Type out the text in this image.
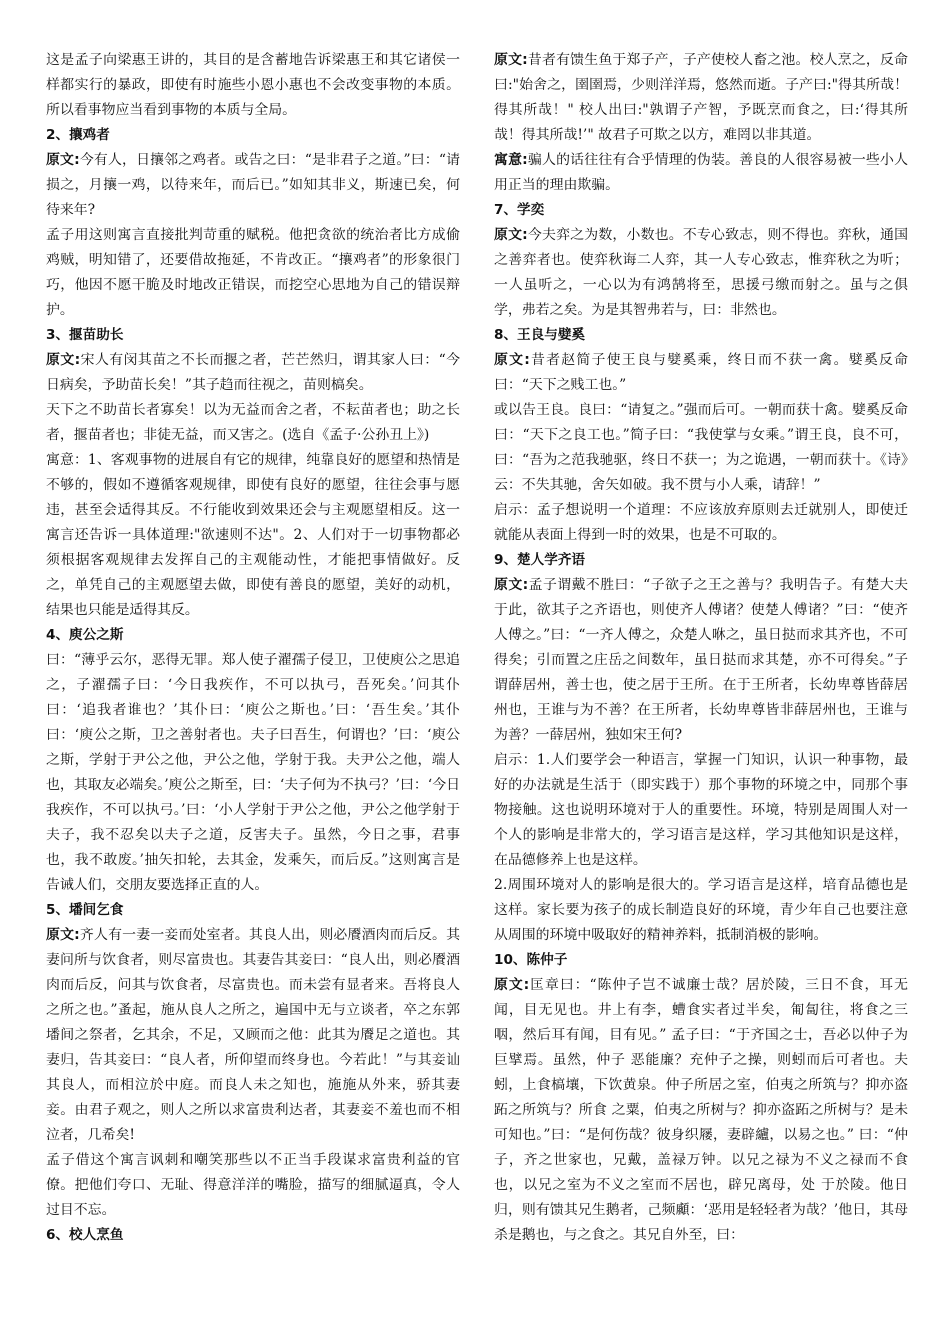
这是孟子向梁惠王讲的，其目的是含蓄地告诉梁惠王和其它诸侯一样都实行的暴政，即使有时施些小恩小惠也不会改变事物的本质。所以看事物应当看到事物的本质与全局。
2、攘鸡者
原文:今有人，日攘邻之鸡者。或告之曰：“是非君子之道。”曰：“请损之，月攘一鸡，以待来年，而后已。”如知其非义，斯速已矣，何待来年?
孟子用这则寓言直接批判苛重的赋税。他把贪欲的统治者比方成偷鸡贼，明知错了，还要借故拖延，不肯改正。“攘鸡者”的形象很门巧，他因不愿干脆及时地改正错误，而挖空心思地为自己的错误辩护。
3、揠苗助长
原文:宋人有闵其苗之不长而揠之者，芒芒然归，谓其家人曰：“今日病矣，予助苗长矣！”其子趋而往视之，苗则槁矣。
天下之不助苗长者寡矣！以为无益而舍之者，不耘苗者也；助之长者，揠苗者也；非徒无益，而又害之。(选自《孟子·公孙丑上》)
寓意：1、客观事物的进展自有它的规律，纯靠良好的愿望和热情是不够的，假如不遵循客观规律，即使有良好的愿望，往往会事与愿违，甚至会适得其反。不行能收到效果还会与主观愿望相反。这一寓言还告诉一具体道理:"欲速则不达"。2、人们对于一切事物都必须根据客观规律去发挥自己的主观能动性，才能把事情做好。反之，单凭自己的主观愿望去做，即使有善良的愿望，美好的动机，结果也只能是适得其反。
4、庾公之斯
曰：“薄乎云尔，恶得无罪。郑人使子濯孺子侵卫，卫使庾公之思追之，子濯孺子曰：‘今日我疾作，不可以执弓，吾死矣。’问其仆曰：‘追我者谁也？’其仆曰：‘庾公之斯也。’曰：‘吾生矣。’其仆曰：‘庾公之斯，卫之善射者也。夫子曰吾生，何谓也？’曰：‘庾公之斯，学射于尹公之他，尹公之他，学射于我。夫尹公之他，端人也，其取友必端矣。’庾公之斯至，曰：‘夫子何为不执弓？’曰：‘今日我疾作，不可以执弓。’曰：‘小人学射于尹公之他，尹公之他学射于夫子，我不忍矣以夫子之道，反害夫子。虽然，今日之事，君事也，我不敢废。’抽矢扣轮，去其金，发乘矢，而后反。”这则寓言是告诫人们，交朋友要选择正直的人。
5、墦间乞食
原文:齐人有一妻一妾而处室者。其良人出，则必餍酒肉而后反。其妻问所与饮食者，则尽富贵也。其妻告其妾曰：“良人出，则必餍酒肉而后反，问其与饮食者，尽富贵也。而未尝有显者来。吾将良人之所之也。”蚤起，施从良人之所之，遍国中无与立谈者，卒之东郭墦间之祭者，乞其余，不足，又顾而之他：此其为餍足之道也。其妻归，告其妾曰：“良人者，所仰望而终身也。今若此！”与其妾讪其良人，而相泣於中庭。而良人未之知也，施施从外来，骄其妻妾。由君子观之，则人之所以求富贵利达者，其妻妾不羞也而不相泣者，几希矣!
孟子借这个寓言讽刺和嘲笑那些以不正当手段谋求富贵利益的官僚。把他们夸口、无耻、得意洋洋的嘴脸，描写的细腻逼真，令人过目不忘。
6、校人烹鱼
原文:昔者有馈生鱼于郑子产，子产使校人畜之池。校人烹之，反命曰:"始舍之，圉圉焉，少则洋洋焉，悠然而逝。子产曰:"得其所哉！得其所哉！" 校人出曰:"孰谓子产智，予既烹而食之，曰:‘得其所哉！得其所哉!’" 故君子可欺之以方，难罔以非其道。
寓意:骗人的话往往有合乎情理的伪装。善良的人很容易被一些小人用正当的理由欺骗。
7、学奕
原文:今夫弈之为数，小数也。不专心致志，则不得也。弈秋，通国之善弈者也。使弈秋诲二人弈，其一人专心致志，惟弈秋之为听；一人虽听之，一心以为有鸿鹄将至，思援弓缴而射之。虽与之俱学，弗若之矣。为是其智弗若与，曰：非然也。
8、王良与嬖奚
原文:昔者赵简子使王良与嬖奚乘，终日而不获一禽。嬖奚反命曰：“天下之贱工也。”
或以告王良。良曰：“请复之。”强而后可。一朝而获十禽。嬖奚反命曰：“天下之良工也。”简子曰：“我使掌与女乘。”谓王良，良不可，曰：“吾为之范我驰驱，终日不获一；为之诡遇，一朝而获十。《诗》云：不失其驰，舍矢如破。我不贯与小人乘，请辞！”
启示：孟子想说明一个道理：不应该放弃原则去迁就别人，即使迁就能从表面上得到一时的效果，也是不可取的。
9、楚人学齐语
原文:孟子谓戴不胜曰：“子欲子之王之善与？我明告子。有楚大夫于此，欲其子之齐语也，则使齐人傅诸？使楚人傅诸？”曰：“使齐人傅之。”曰：“一齐人傅之，众楚人咻之，虽日挞而求其齐也，不可得矣；引而置之庄岳之间数年，虽日挞而求其楚，亦不可得矣。”子谓薛居州，善士也，使之居于王所。在于王所者，长幼卑尊皆薛居州也，王谁与为不善？在王所者，长幼卑尊皆非薛居州也，王谁与为善？一薛居州，独如宋王何?
启示：1.人们要学会一种语言，掌握一门知识，认识一种事物，最好的办法就是生活于（即实践于）那个事物的环境之中，同那个事物接触。这也说明环境对于人的重要性。环境，特别是周围人对一个人的影响是非常大的，学习语言是这样，学习其他知识是这样，在品德修养上也是这样。
2.周围环境对人的影响是很大的。学习语言是这样，培育品德也是这样。家长要为孩子的成长制造良好的环境，青少年自己也要注意从周围的环境中吸取好的精神养料，抵制消极的影响。
10、陈仲子
原文:匡章曰：“陈仲子岂不诚廉士哉？居於陵，三日不食，耳无闻，目无见也。井上有李，螬食实者过半矣，匍匐往，将食之三咽，然后耳有闻，目有见。” 孟子曰：“于齐国之士，吾必以仲子为巨擘焉。虽然，仲子 恶能廉？充仲子之操，则蚓而后可者也。夫蚓，上食槁壤，下饮黄泉。仲子所居之室，伯夷之所筑与？抑亦盗跖之所筑与？所食 之粟，伯夷之所树与？抑亦盗跖之所树与？是未可知也。”曰：“是何伤哉？彼身织屦，妻辟纑，以易之也。” 曰：“仲子，齐之世家也，兄戴，盖禄万钟。以兄之禄为不义之禄而不食也，以兄之室为不义之室而不居也，辟兄离母，处 于於陵。他日归，则有馈其兄生鹅者，己频顣：‘恶用是轻轻者为哉？’他日，其母杀是鹅也，与之食之。其兄自外至，曰：
